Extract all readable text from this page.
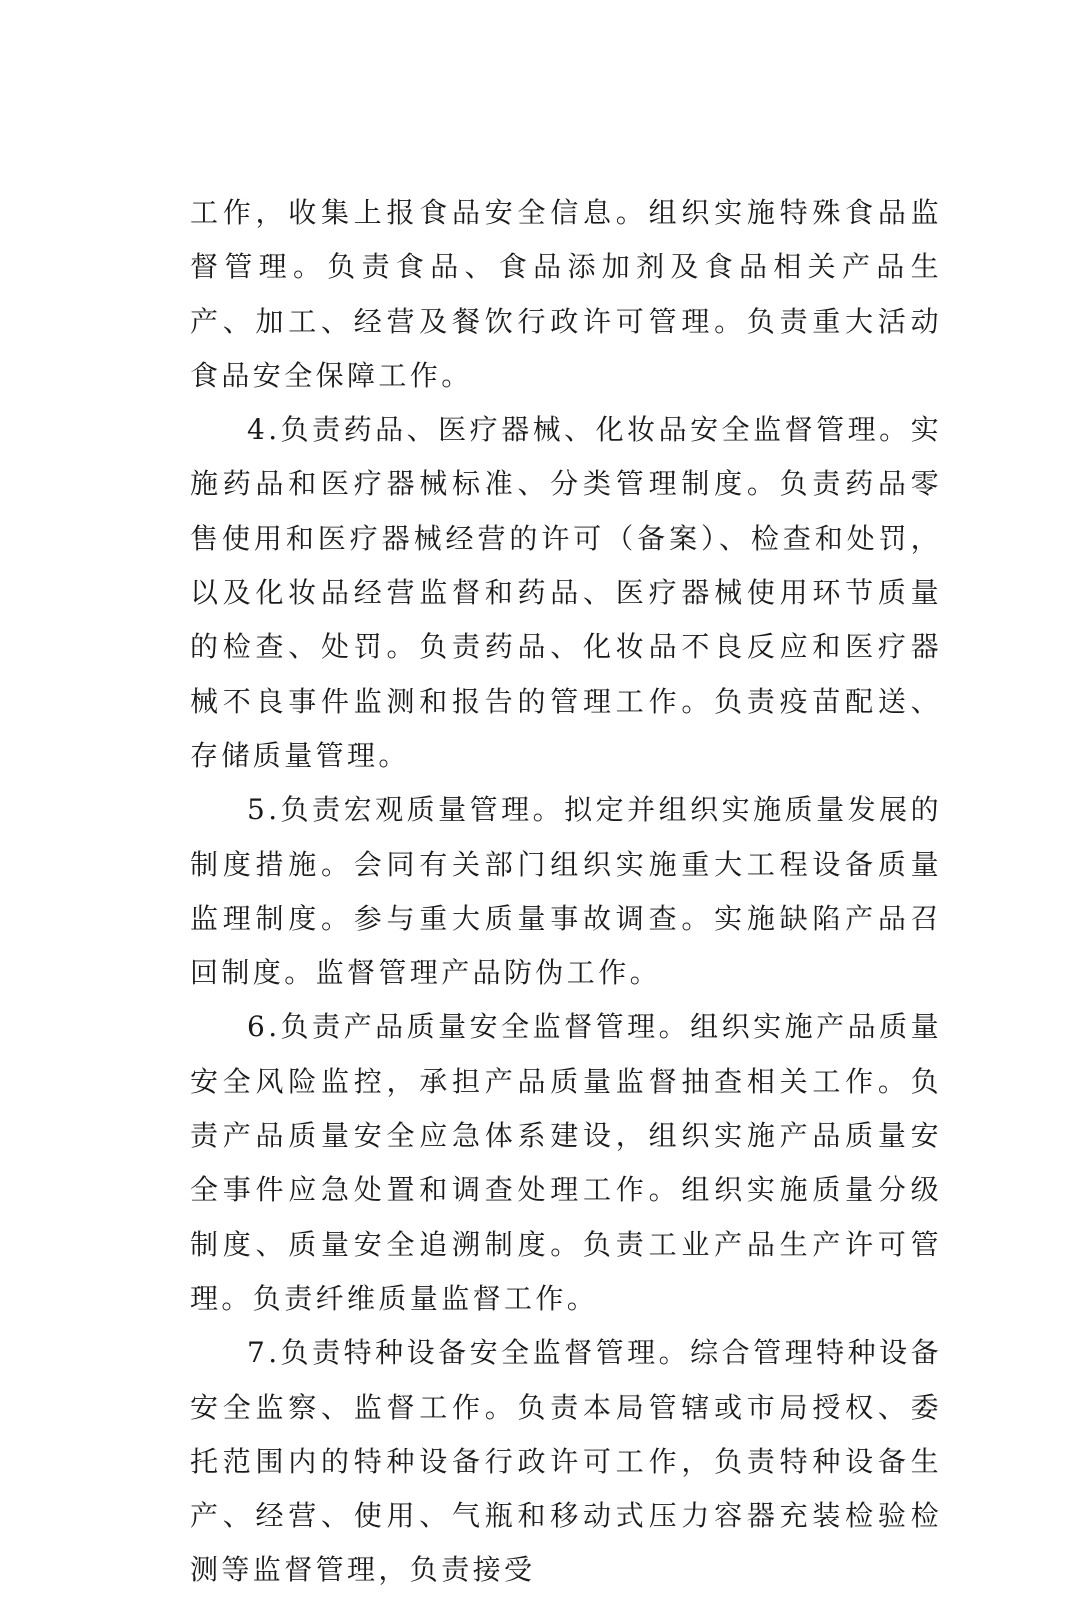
工作，收集上报食品安全信息。组织实施特殊食品监督管理。负责食品、食品添加剂及食品相关产品生产、加工、经营及餐饮行政许可管理。负责重大活动食品安全保障工作。

4.负责药品、医疗器械、化妆品安全监督管理。实施药品和医疗器械标准、分类管理制度。负责药品零售使用和医疗器械经营的许可（备案）、检查和处罚，以及化妆品经营监督和药品、医疗器械使用环节质量的检查、处罚。负责药品、化妆品不良反应和医疗器械不良事件监测和报告的管理工作。负责疫苗配送、存储质量管理。

5.负责宏观质量管理。拟定并组织实施质量发展的制度措施。会同有关部门组织实施重大工程设备质量监理制度。参与重大质量事故调查。实施缺陷产品召回制度。监督管理产品防伪工作。

6.负责产品质量安全监督管理。组织实施产品质量安全风险监控，承担产品质量监督抽查相关工作。负责产品质量安全应急体系建设，组织实施产品质量安全事件应急处置和调查处理工作。组织实施质量分级制度、质量安全追溯制度。负责工业产品生产许可管理。负责纤维质量监督工作。

7.负责特种设备安全监督管理。综合管理特种设备安全监察、监督工作。负责本局管辖或市局授权、委托范围内的特种设备行政许可工作，负责特种设备生产、经营、使用、气瓶和移动式压力容器充装检验检测等监督管理，负责接受
